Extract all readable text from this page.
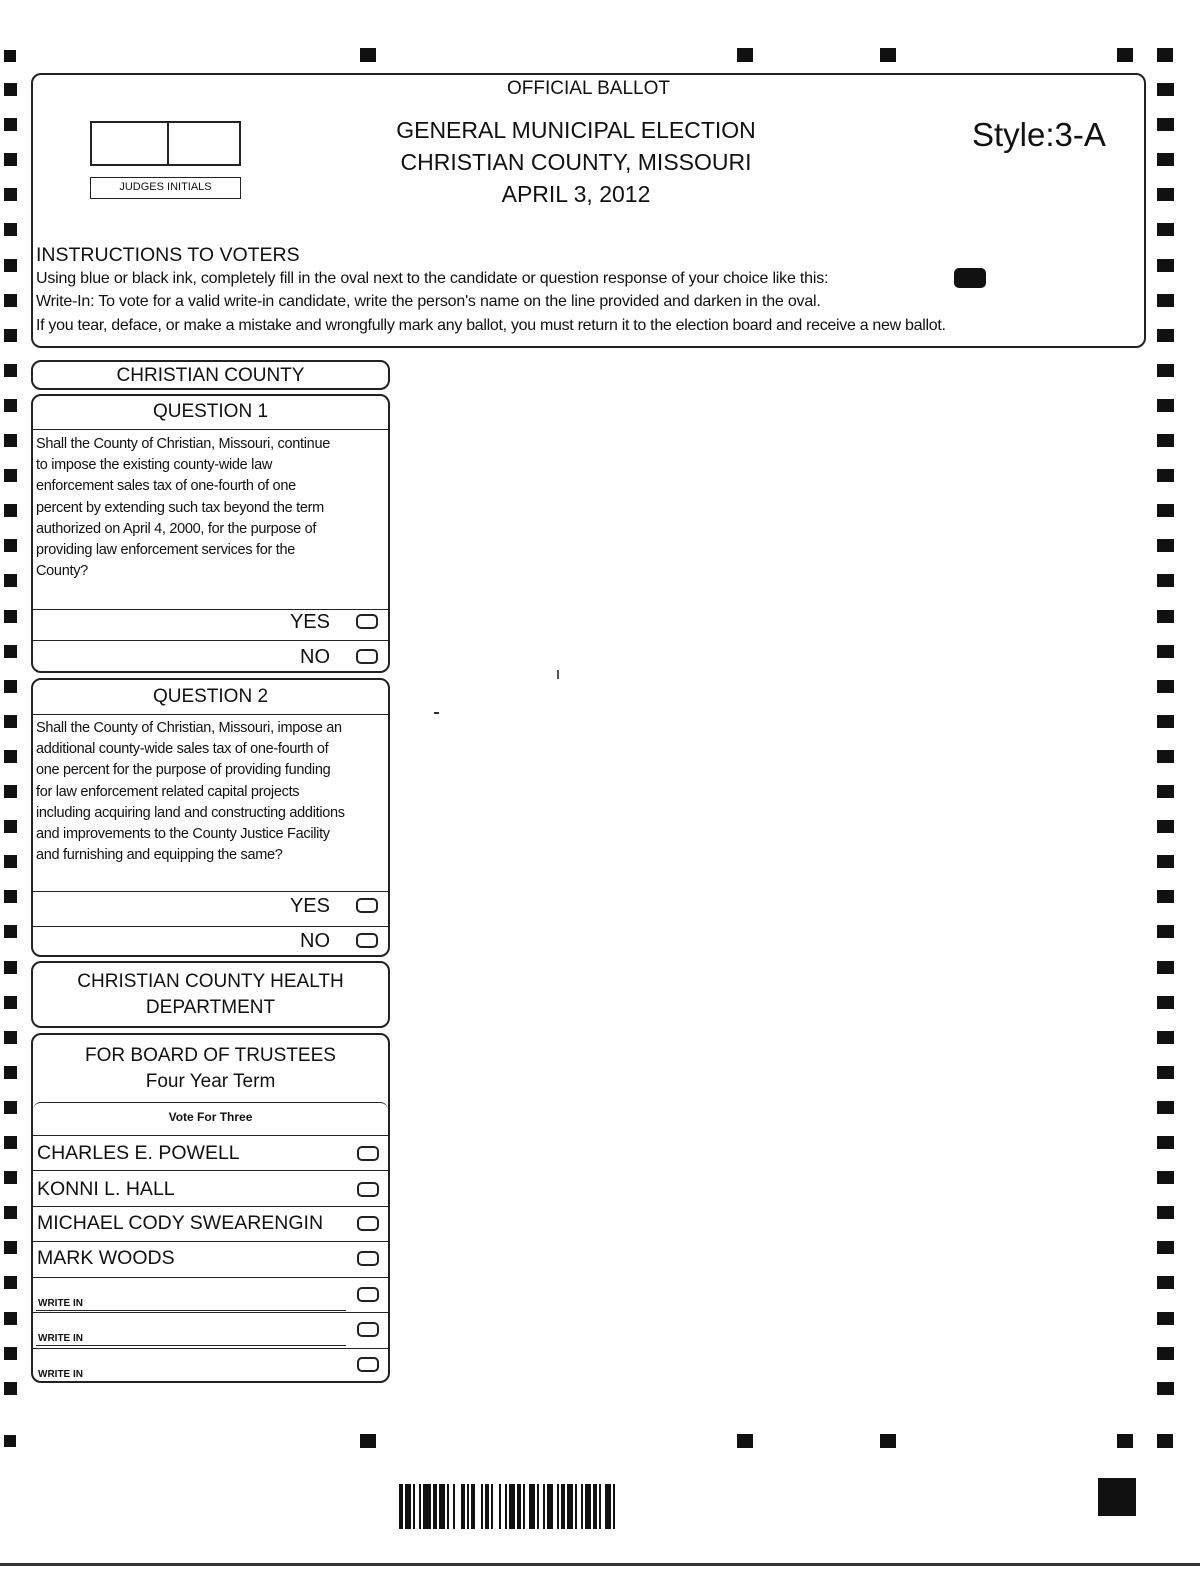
OFFICIAL BALLOT
JUDGES INITIALS
GENERAL MUNICIPAL ELECTION
CHRISTIAN COUNTY, MISSOURI
APRIL 3, 2012
Style:3-A
INSTRUCTIONS TO VOTERS
Using blue or black ink, completely fill in the oval next to the candidate or question response of your choice like this:
Write-In: To vote for a valid write-in candidate, write the person's name on the line provided and darken in the oval.
If you tear, deface, or make a mistake and wrongfully mark any ballot, you must return it to the election board and receive a new ballot.
CHRISTIAN COUNTY
QUESTION 1
Shall the County of Christian, Missouri, continue
to impose the existing county-wide law
enforcement sales tax of one-fourth of one
percent by extending such tax beyond the term
authorized on April 4, 2000, for the purpose of
providing law enforcement services for the
County?
YES
NO
QUESTION 2
Shall the County of Christian, Missouri, impose an
additional county-wide sales tax of one-fourth of
one percent for the purpose of providing funding
for law enforcement related capital projects
including acquiring land and constructing additions
and improvements to the County Justice Facility
and furnishing and equipping the same?
YES
NO
CHRISTIAN COUNTY HEALTH
DEPARTMENT
FOR BOARD OF TRUSTEES
Four Year Term
Vote For Three
CHARLES E. POWELL
KONNI L. HALL
MICHAEL CODY SWEARENGIN
MARK WOODS
WRITE IN
WRITE IN
WRITE IN
